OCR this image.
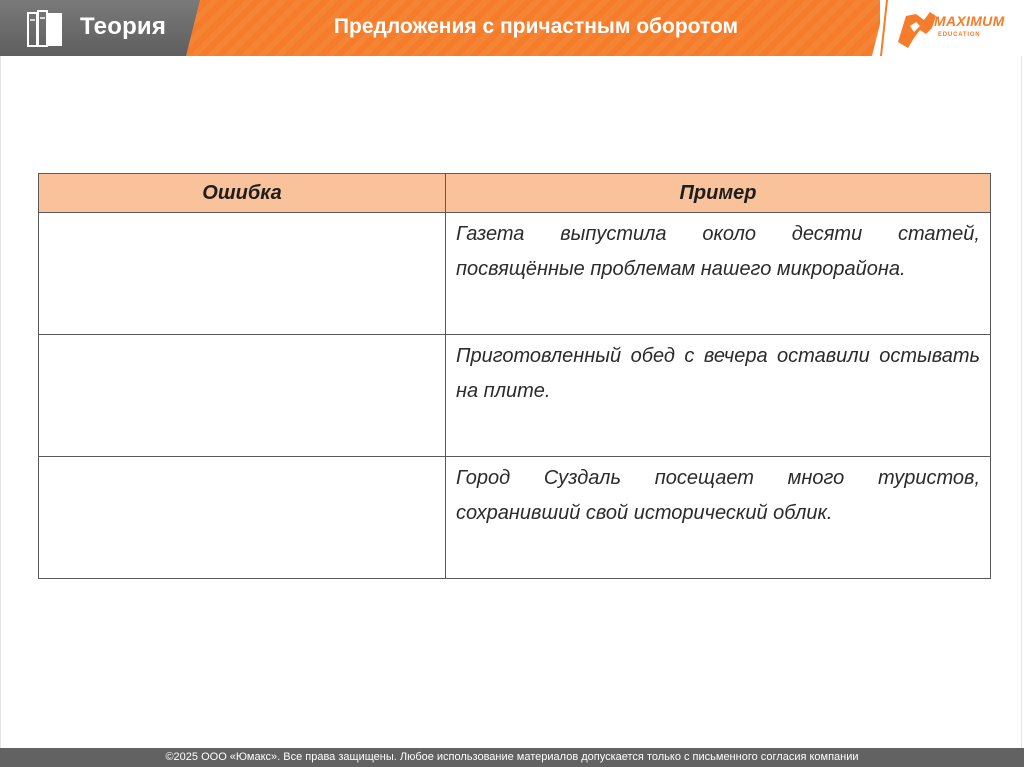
Теория	Предложения с причастным оборотом	MAXIMUM
EDUCATION
Ошибка	Пример
	Газета выпустила около десяти статей, посвящённые проблемам нашего микрорайона.
	Приготовленный обед с вечера оставили остывать на плите.
	Город Суздаль посещает много туристов, сохранивший свой исторический облик.
©2025 ООО «Юмакс». Все права защищены. Любое использование материалов допускается только с письменного согласия компании
